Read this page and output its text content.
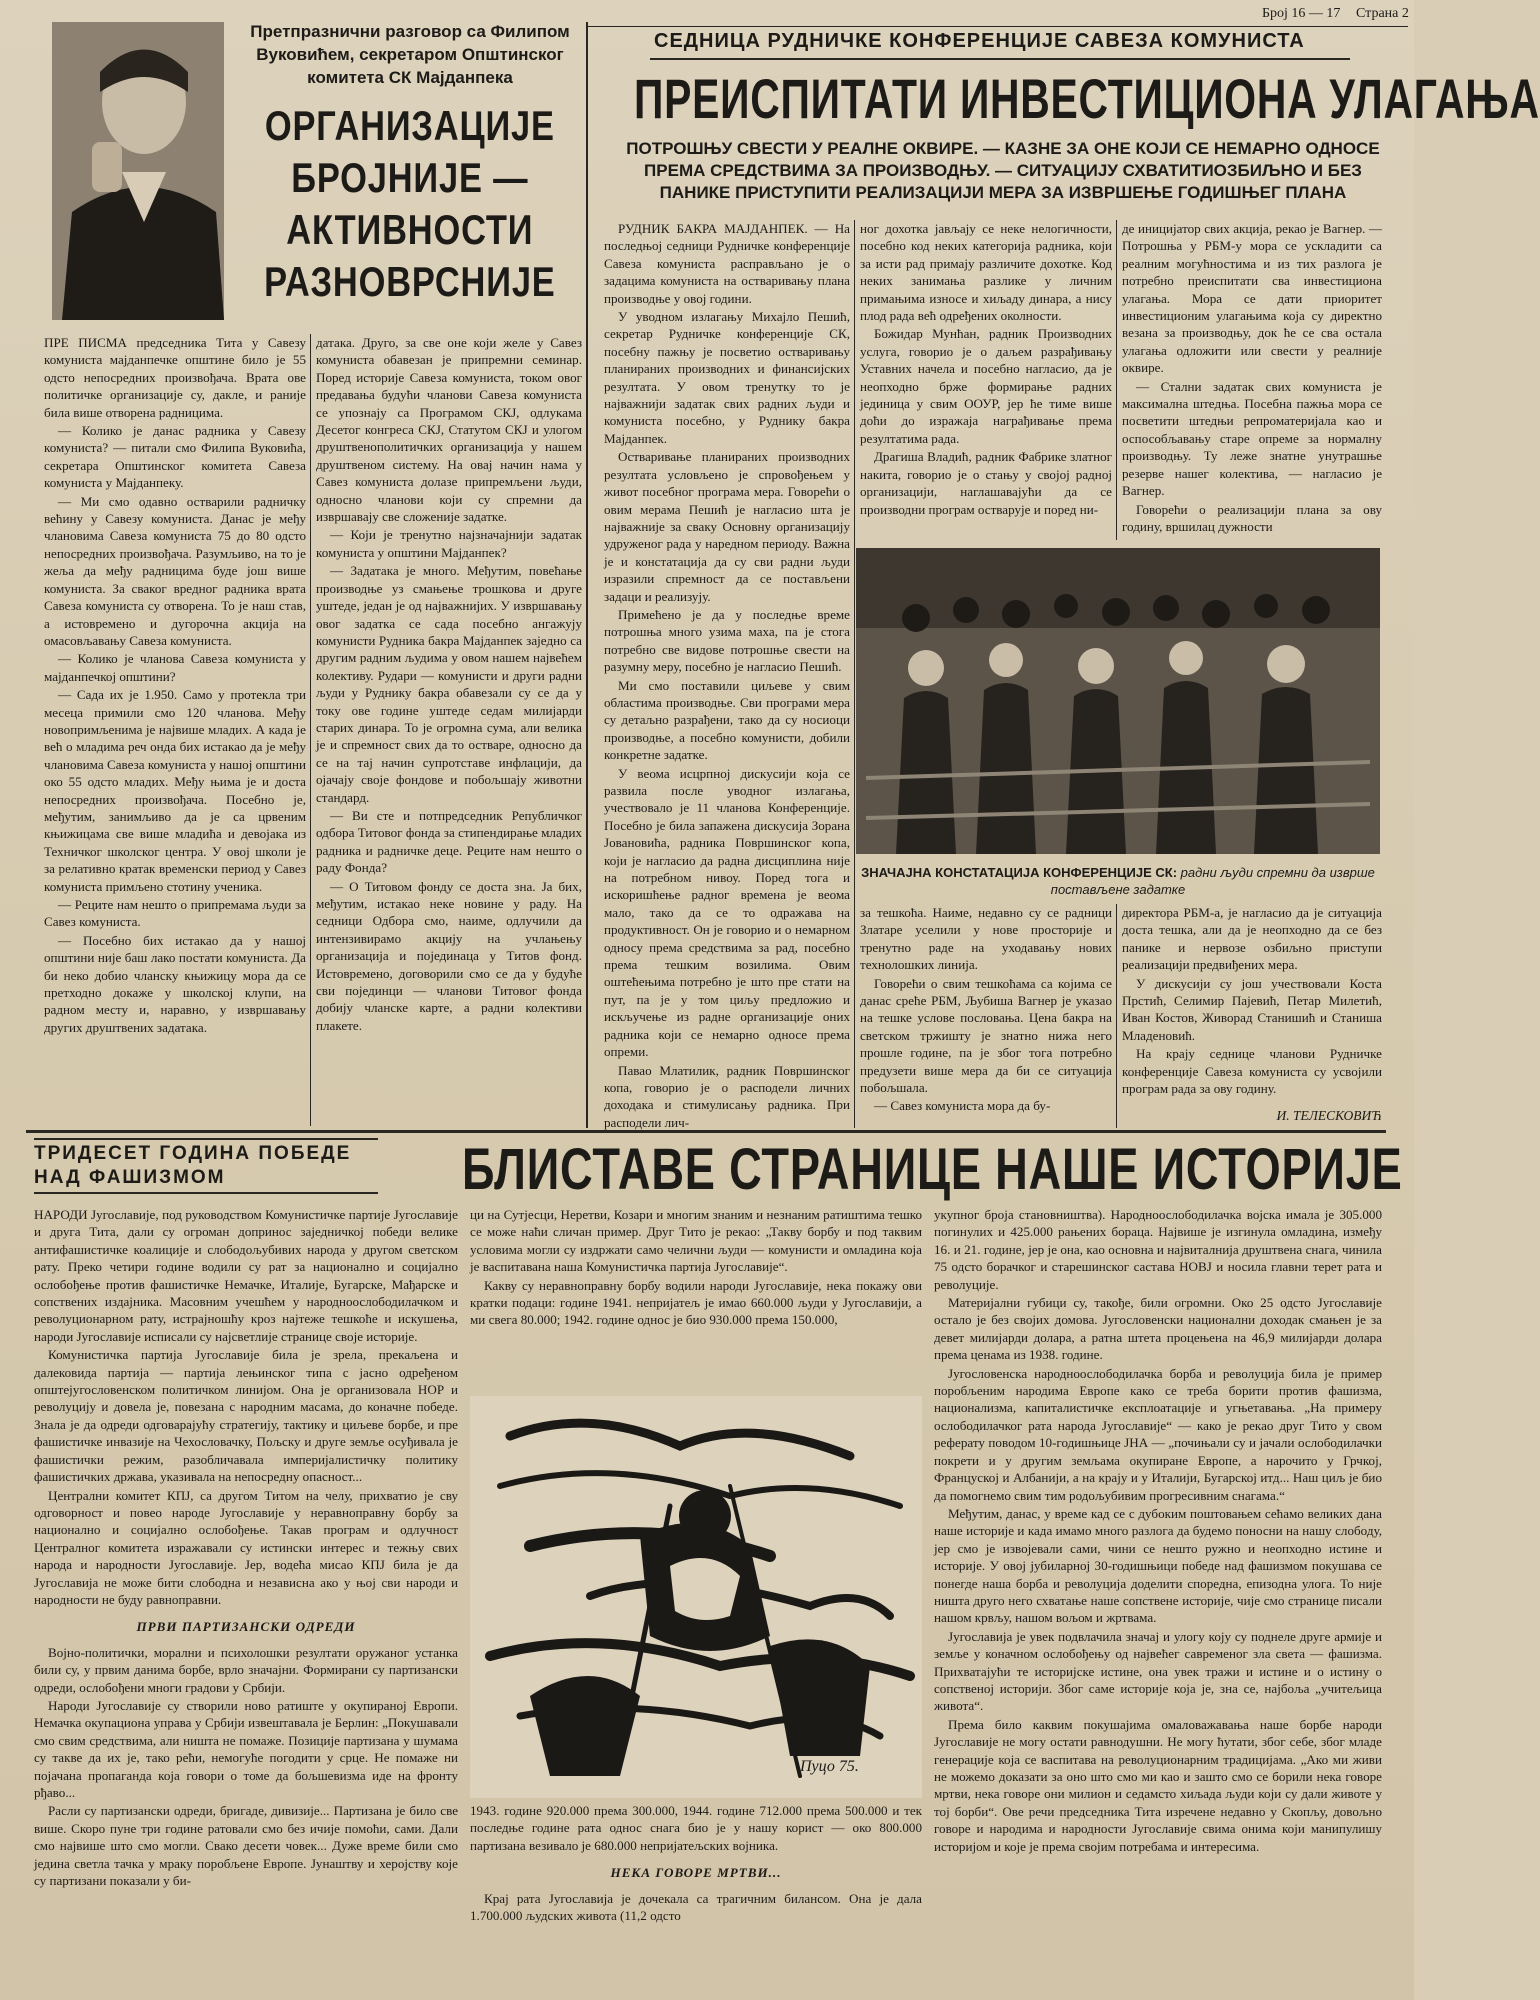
Број 16 — 17 Страна 2
Претпразнични разговор са Филипом Вуковићем, секретаром Општинског комитета СК Мајданпека
ОРГАНИЗАЦИЈЕ
БРОЈНИЈЕ —
АКТИВНОСТИ
РАЗНОВРСНИЈЕ

ПРЕ ПИСМА председника Тита у Савезу комуниста мајданпечке општине било је 55 одсто непосредних произвођача. Врата ове политичке организације су, дакле, и раније била више отворена радницима.

— Колико је данас радника у Савезу комуниста? — питали смо Филипа Вуковића, секретара Општинског комитета Савеза комуниста у Мајданпеку.

— Ми смо одавно остварили радничку већину у Савезу комуниста. Данас је међу члановима Савеза комуниста 75 до 80 одсто непосредних произвођача. Разумљиво, на то је жеља да међу радницима буде још више комуниста. За сваког вредног радника врата Савеза комуниста су отворена. То је наш став, а истовремено и дугорочна акција на омасовљавању Савеза комуниста.

— Колико је чланова Савеза комуниста у мајданпечкој општини?

— Сада их је 1.950. Само у протекла три месеца примили смо 120 чланова. Међу новопримљенима је највише младих. А када је већ о младима реч онда бих истакао да је међу члановима Савеза комуниста у нашој општини око 55 одсто младих. Међу њима је и доста непосредних произвођача. Посебно је, међутим, занимљиво да је са црвеним књижицама све више младића и девојака из Техничког школског центра. У овој школи је за релативно кратак временски период у Савез комуниста примљено стотину ученика.

— Реците нам нешто о припремама људи за Савез комуниста.

— Посебно бих истакао да у нашој општини није баш лако постати комуниста. Да би неко добио чланску књижицу мора да се претходно докаже у школској клупи, на радном месту и, наравно, у извршавању других друштвених задатака.

датака. Друго, за све оне који желе у Савез комуниста обавезан је припремни семинар. Поред историје Савеза комуниста, током овог предавања будући чланови Савеза комуниста се упознају са Програмом СКЈ, одлукама Десетог конгреса СКЈ, Статутом СКЈ и улогом друштвенополитичких организација у нашем друштвеном систему. На овај начин нама у Савез комуниста долазе припремљени људи, односно чланови који су спремни да извршавају све сложеније задатке.

— Који је тренутно најзначајнији задатак комуниста у општини Мајданпек?

— Задатака је много. Међутим, повећање производње уз смањење трошкова и друге уштеде, један је од најважнијих. У извршавању овог задатка се сада посебно ангажују комунисти Рудника бакра Мајданпек заједно са другим радним људима у овом нашем највећем колективу. Рудари — комунисти и други радни људи у Руднику бакра обавезали су се да у току ове године уштеде седам милијарди старих динара. То је огромна сума, али велика је и спремност свих да то остваре, односно да се на тај начин супротставе инфлацији, да ојачају своје фондове и побољшају животни стандард.

— Ви сте и потпредседник Републичког одбора Титовог фонда за стипендирање младих радника и радничке деце. Реците нам нешто о раду Фонда?

— О Титовом фонду се доста зна. Ја бих, међутим, истакао неке новине у раду. На седници Одбора смо, наиме, одлучили да интензивирамо акцију на учлањењу организација и појединаца у Титов фонд. Истовремено, договорили смо се да у будуће сви појединци — чланови Титовог фонда добију чланске карте, а радни колективи плакете.

СЕДНИЦА РУДНИЧКЕ КОНФЕРЕНЦИЈЕ САВЕЗА КОМУНИСТА
ПРЕИСПИТАТИ ИНВЕСТИЦИОНА УЛАГАЊА
ПОТРОШЊУ СВЕСТИ У РЕАЛНЕ ОКВИРЕ. — КАЗНЕ ЗА ОНЕ КОЈИ СЕ НЕМАРНО ОДНОСЕ ПРЕМА СРЕДСТВИМА ЗА ПРОИЗВОДЊУ. — СИТУАЦИЈУ СХВАТИТИОЗБИЉНО И БЕЗ ПАНИКЕ ПРИСТУПИТИ РЕАЛИЗАЦИЈИ МЕРА ЗА ИЗВРШЕЊЕ ГОДИШЊЕГ ПЛАНА

РУДНИК БАКРА МАЈДАНПЕК. — На последњој седници Рудничке конференције Савеза комуниста расправљано је о задацима комуниста на остваривању плана производње у овој години.

У уводном излагању Михајло Пешић, секретар Рудничке конференције СК, посебну пажњу је посветио остваривању планираних производних и финансијских резултата. У овом тренутку то је најважнији задатак свих радних људи и комуниста посебно, у Руднику бакра Мајданпек.

Остваривање планираних производних резултата условљено је спровођењем у живот посебног програма мера. Говорећи о овим мерама Пешић је нагласио шта је најважније за сваку Основну организацију удруженог рада у наредном периоду. Важна је и констатација да су сви радни људи изразили спремност да се постављени задаци и реализују.

Примећено је да у последње време потрошња много узима маха, па је стога потребно све видове потрошње свести на разумну меру, посебно је нагласио Пешић.

Ми смо поставили циљеве у свим областима производње. Сви програми мера су детаљно разрађени, тако да су носиоци производње, а посебно комунисти, добили конкретне задатке.

У веома исцрпној дискусији која се развила после уводног излагања, учествовало је 11 чланова Конференције. Посебно је била запажена дискусија Зорана Јовановића, радника Површинског копа, који је нагласио да радна дисциплина није на потребном нивоу. Поред тога и искоришћење радног времена је веома мало, тако да се то одражава на продуктивност. Он је говорио и о немарном односу према средствима за рад, посебно према тешким возилима. Овим оштећењима потребно је што пре стати на пут, па је у том циљу предложио и искључење из радне организације оних радника који се немарно односе према опреми.

Павао Млатилик, радник Површинског копа, говорио је о расподели личних доходака и стимулисању радника. При расподели лич-

ног дохотка јављају се неке нелогичности, посебно код неких категорија радника, који за исти рад примају различите дохотке. Код неких занимања разлике у личним примањима износе и хиљаду динара, а нису плод рада већ одређених околности.

Божидар Мунћан, радник Производних услуга, говорио је о даљем разрађивању Уставних начела и посебно нагласио, да је неопходно брже формирање радних јединица у свим ООУР, јер ће тиме више доћи до изражаја награђивање према резултатима рада.

Драгиша Владић, радник Фабрике златног накита, говорио је о стању у својој радној организацији, наглашавајући да се производни програм остварује и поред ни-

де иницијатор свих акција, рекао је Вагнер. — Потрошња у РБМ-у мора се ускладити са реалним могућностима и из тих разлога је потребно преиспитати сва инвестициона улагања. Мора се дати приоритет инвестиционим улагањима која су директно везана за производњу, док ће се сва остала улагања одложити или свести у реалније оквире.

— Стални задатак свих комуниста је максимална штедња. Посебна пажња мора се посветити штедњи репроматеријала као и оспособљавању старе опреме за нормалну производњу. Ту леже знатне унутрашње резерве нашег колектива, — нагласио је Вагнер.

Говорећи о реализацији плана за ову годину, вршилац дужности

ЗНАЧАЈНА КОНСТАТАЦИЈА КОНФЕРЕНЦИЈЕ СК: радни људи спремни да изврше постављене задатке

за тешкоћа. Наиме, недавно су се радници Златаре уселили у нове просторије и тренутно раде на уходавању нових технолошких линија.

Говорећи о свим тешкоћама са којима се данас среће РБМ, Љубиша Вагнер је указао на тешке услове пословања. Цена бакра на светском тржишту је знатно нижа него прошле године, па је због тога потребно предузети више мера да би се ситуација побољшала.

— Савез комуниста мора да бу-

директора РБМ-а, је нагласио да је ситуација доста тешка, али да је неопходно да се без панике и нервозе озбиљно приступи реализацији предвиђених мера.

У дискусији су још учествовали Коста Прстић, Селимир Пајевић, Петар Милетић, Иван Костов, Живорад Станишић и Станиша Младеновић.

На крају седнице чланови Рудничке конференције Савеза комуниста су усвојили програм рада за ову годину.

И. ТЕЛЕСКОВИЋ
ТРИДЕСЕТ ГОДИНА ПОБЕДЕ НАД ФАШИЗМОМ	БЛИСТАВЕ СТРАНИЦЕ НАШЕ ИСТОРИЈЕ

НАРОДИ Југославије, под руководством Комунистичке партије Југославије и друга Тита, дали су огроман допринос заједничкој победи велике антифашистичке коалиције и слободољубивих народа у другом светском рату. Преко четири године водили су рат за национално и социјално ослобођење против фашистичке Немачке, Италије, Бугарске, Мађарске и сопствених издајника. Масовним учешћем у народноослободилачком и револуционарном рату, истрајношћу кроз најтеже тешкоће и искушења, народи Југославије исписали су најсветлије странице своје историје.

Комунистичка партија Југославије била је зрела, прекаљена и далековида партија — партија лењинског типа с јасно одређеном општејугословенском политичком линијом. Она је организовала НОР и револуцију и довела је, повезана с народним масама, до коначне победе. Знала је да одреди одговарајућу стратегију, тактику и циљеве борбе, и пре фашистичке инвазије на Чехословачку, Пољску и друге земље осуђивала је фашистички режим, разобличавала империјалистичку политику фашистичких држава, указивала на непосредну опасност...

Централни комитет КПЈ, са другом Титом на челу, прихватио је сву одговорност и повео народе Југославије у неравноправну борбу за национално и социјално ослобођење. Такав програм и одлучност Централног комитета изражавали су истински интерес и тежњу свих народа и народности Југославије. Јер, водећа мисао КПЈ била је да Југославија не може бити слободна и независна ако у њој сви народи и народности не буду равноправни.

ПРВИ ПАРТИЗАНСКИ ОДРЕДИ

Војно-политички, морални и психолошки резултати оружаног устанка били су, у првим данима борбе, врло значајни. Формирани су партизански одреди, ослобођени многи градови у Србији.

Народи Југославије су створили ново ратиште у окупираној Европи. Немачка окупациона управа у Србији извештавала је Берлин: „Покушавали смо свим средствима, али ништа не помаже. Позиције партизана у шумама су такве да их је, тако рећи, немогуће погодити у срце. Не помаже ни појачана пропаганда која говори о томе да бољшевизма иде на фронту рђаво...

Расли су партизански одреди, бригаде, дивизије... Партизана је било све више. Скоро пуне три године ратовали смо без ичије помоћи, сами. Дали смо највише што смо могли. Свако десети човек... Дуже време били смо једина светла тачка у мраку поробљене Европе. Јунаштву и херојству које су партизани показали у би-

ци на Сутјесци, Неретви, Козари и многим знаним и незнаним ратиштима тешко се може наћи сличан пример. Друг Тито је рекао: „Такву борбу и под таквим условима могли су издржати само челични људи — комунисти и омладина која је васпитавана наша Комунистичка партија Југославије“.

Какву су неравноправну борбу водили народи Југославије, нека покажу ови кратки подаци: године 1941. непријатељ је имао 660.000 људи у Југославији, а ми свега 80.000; 1942. године однос је био 930.000 према 150.000,

Пуцо 75.

1943. године 920.000 према 300.000, 1944. године 712.000 према 500.000 и тек последње године рата однос снага био је у нашу корист — око 800.000 партизана везивало је 680.000 непријатељских војника.

НЕКА ГОВОРЕ МРТВИ...

Крај рата Југославија је дочекала са трагичним билансом. Она је дала 1.700.000 људских живота (11,2 одсто

укупног броја становништва). Народноослободилачка војска имала је 305.000 погинулих и 425.000 рањених бораца. Највише је изгинула омладина, између 16. и 21. године, јер је она, као основна и највиталнија друштвена снага, чинила 75 одсто борачког и старешинског састава НОВЈ и носила главни терет рата и револуције.

Материјални губици су, такође, били огромни. Око 25 одсто Југославије остало је без својих домова. Југословенски национални доходак смањен је за девет милијарди долара, а ратна штета процењена на 46,9 милијарди долара према ценама из 1938. године.

Југословенска народноослободилачка борба и револуција била је пример поробљеним народима Европе како се треба борити против фашизма, национализма, капиталистичке експлоатације и угњетавања. „На примеру ослободилачког рата народа Југославије“ — како је рекао друг Тито у свом реферату поводом 10-годишњице ЈНА — „почињали су и јачали ослободилачки покрети и у другим земљама окупиране Европе, а нарочито у Грчкој, Француској и Албанији, а на крају и у Италији, Бугарској итд... Наш циљ је био да помогнемо свим тим родољубивим прогресивним снагама.“

Међутим, данас, у време кад се с дубоким поштовањем сећамо великих дана наше историје и када имамо много разлога да будемо поносни на нашу слободу, јер смо је извојевали сами, чини се нешто ружно и неопходно истине и историје. У овој јубиларној 30-годишњици победе над фашизмом покушава се понегде наша борба и револуција доделити споредна, епизодна улога. То није ништа друго него схватање наше сопствене историје, чије смо странице писали нашом крвљу, нашом вољом и жртвама.

Југославија је увек подвлачила значај и улогу коју су поднеле друге армије и земље у коначном ослобођењу од највећег савременог зла света — фашизма. Прихватајући те историјске истине, она увек тражи и истине и о истину о сопственој историји. Због саме историје која је, зна се, најбоља „учитељица живота“.

Према било каквим покушајима омаловажавања наше борбе народи Југославије не могу остати равнодушни. Не могу ћутати, због себе, због младе генерације која се васпитава на револуционарним традицијама. „Ако ми живи не можемо доказати за оно што смо ми као и зашто смо се борили нека говоре мртви, нека говоре они милион и седамсто хиљада људи који су дали животе у тој борби“. Ове речи председника Тита изречене недавно у Скопљу, довољно говоре и народима и народности Југославије свима онима који манипулишу историјом и које је према својим потребама и интересима.
